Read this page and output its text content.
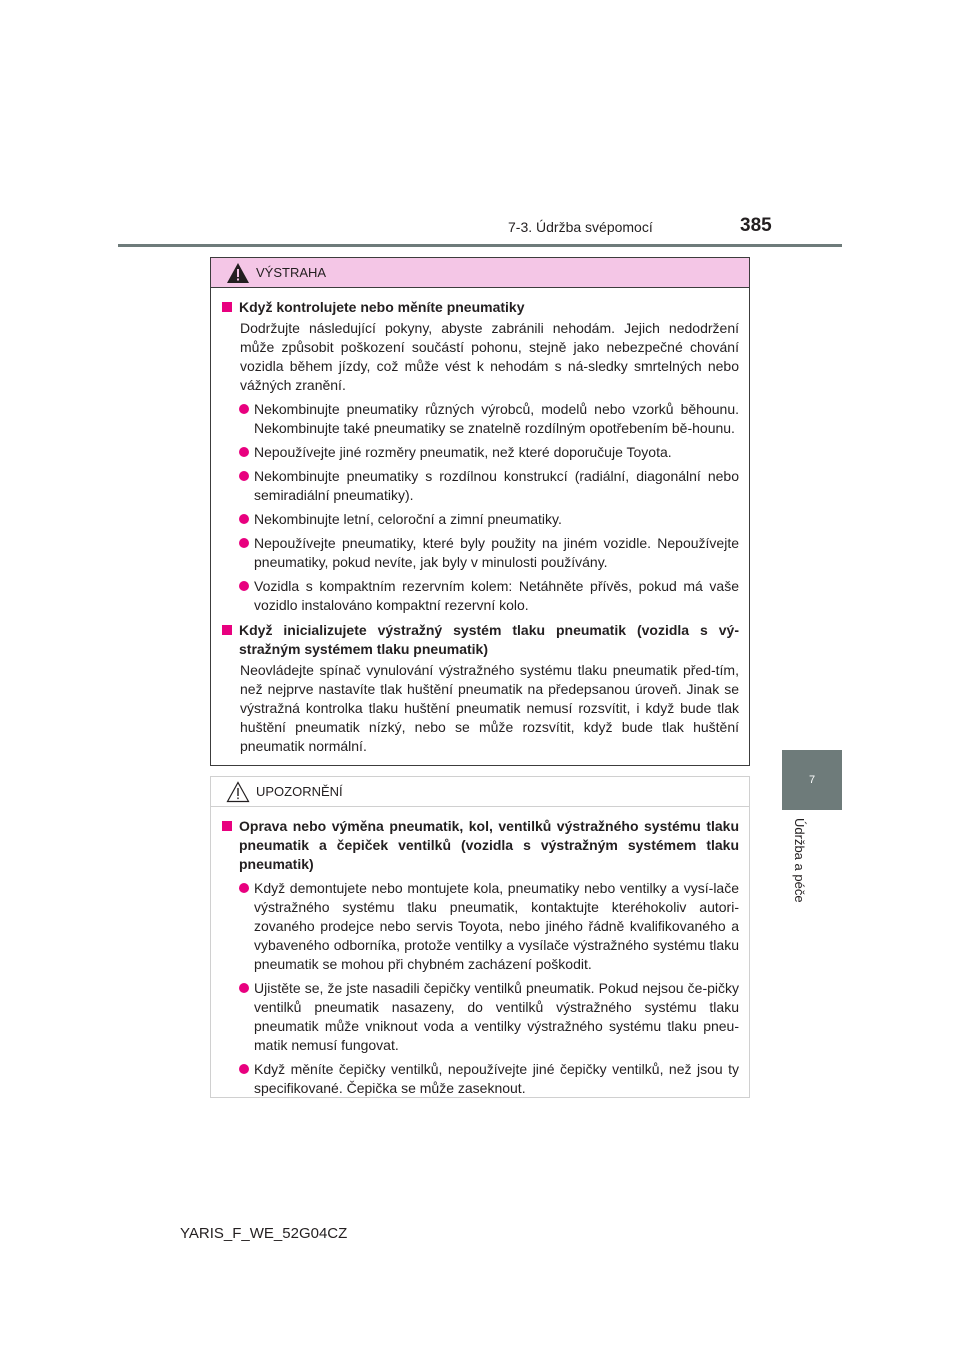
7-3. Údržba svépomocí	385
7
Údržba a péče
VÝSTRAHA
Když kontrolujete nebo měníte pneumatiky
Dodržujte následující pokyny, abyste zabránili nehodám. Jejich nedodržení může způsobit poškození součástí pohonu, stejně jako nebezpečné chování vozidla během jízdy, což může vést k nehodám s ná-sledky smrtelných nebo vážných zranění.
Nekombinujte pneumatiky různých výrobců, modelů nebo vzorků běhounu. Nekombinujte také pneumatiky se znatelně rozdílným opotřebením bě-hounu.
Nepoužívejte jiné rozměry pneumatik, než které doporučuje Toyota.
Nekombinujte pneumatiky s rozdílnou konstrukcí (radiální, diagonální nebo semiradiální pneumatiky).
Nekombinujte letní, celoroční a zimní pneumatiky.
Nepoužívejte pneumatiky, které byly použity na jiném vozidle. Nepoužívejte pneumatiky, pokud nevíte, jak byly v minulosti používány.
Vozidla s kompaktním rezervním kolem: Netáhněte přívěs, pokud má vaše vozidlo instalováno kompaktní rezervní kolo.
Když inicializujete výstražný systém tlaku pneumatik (vozidla s vý-stražným systémem tlaku pneumatik)
Neovládejte spínač vynulování výstražného systému tlaku pneumatik před-tím, než nejprve nastavíte tlak huštění pneumatik na předepsanou úroveň. Jinak se výstražná kontrolka tlaku huštění pneumatik nemusí rozsvítit, i když bude tlak huštění pneumatik nízký, nebo se může rozsvítit, když bude tlak huštění pneumatik normální.
UPOZORNĚNÍ
Oprava nebo výměna pneumatik, kol, ventilků výstražného systému tlaku pneumatik a čepiček ventilků (vozidla s výstražným systémem tlaku pneumatik)
Když demontujete nebo montujete kola, pneumatiky nebo ventilky a vysí-lače výstražného systému tlaku pneumatik, kontaktujte kteréhokoliv autori-zovaného prodejce nebo servis Toyota, nebo jiného řádně kvalifikovaného a vybaveného odborníka, protože ventilky a vysílače výstražného systému tlaku pneumatik se mohou při chybném zacházení poškodit.
Ujistěte se, že jste nasadili čepičky ventilků pneumatik. Pokud nejsou če-pičky ventilků pneumatik nasazeny, do ventilků výstražného systému tlaku pneumatik může vniknout voda a ventilky výstražného systému tlaku pneu-matik nemusí fungovat.
Když měníte čepičky ventilků, nepoužívejte jiné čepičky ventilků, než jsou ty specifikované. Čepička se může zaseknout.
YARIS_F_WE_52G04CZ
